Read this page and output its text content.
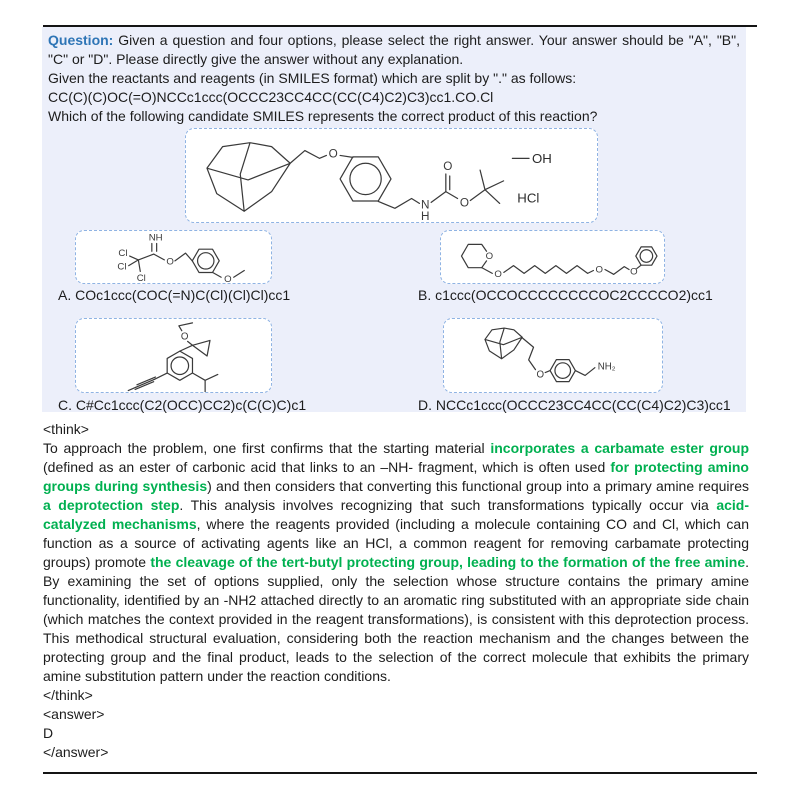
Question: Given a question and four options, please select the right answer. Your answer should be "A", "B", "C" or "D". Please directly give the answer without any explanation.

Given the reactants and reagents (in SMILES format) which are split by "." as follows:

CC(C)(C)OC(=O)NCCc1ccc(OCCC23CC4CC(CC(C4)C2)C3)cc1.CO.Cl

Which of the following candidate SMILES represents the correct product of this reaction?

O
N
H
O
O
OH
HCl
Cl
Cl
Cl
NH
O
O
A. COc1ccc(COC(=N)C(Cl)(Cl)Cl)cc1
O
O	O	O
B. c1ccc(OCCOCCCCCCCCOC2CCCCO2)cc1
O
C. C#Cc1ccc(C2(OCC)CC2)c(C(C)C)c1
O
NH₂
D. NCCc1ccc(OCCC23CC4CC(CC(C4)C2)C3)cc1
<think>

To approach the problem, one first confirms that the starting material incorporates a carbamate ester group (defined as an ester of carbonic acid that links to an –NH- fragment, which is often used for protecting amino groups during synthesis) and then considers that converting this functional group into a primary amine requires a deprotection step. This analysis involves recognizing that such transformations typically occur via acid-catalyzed mechanisms, where the reagents provided (including a molecule containing CO and Cl, which can function as a source of activating agents like an HCl, a common reagent for removing carbamate protecting groups) promote the cleavage of the tert-butyl protecting group, leading to the formation of the free amine. By examining the set of options supplied, only the selection whose structure contains the primary amine functionality, identified by an -NH2 attached directly to an aromatic ring substituted with an appropriate side chain (which matches the context provided in the reagent transformations), is consistent with this deprotection process. This methodical structural evaluation, considering both the reaction mechanism and the changes between the protecting group and the final product, leads to the selection of the correct molecule that exhibits the primary amine substitution pattern under the reaction conditions.

</think>
<answer>
D
</answer>
